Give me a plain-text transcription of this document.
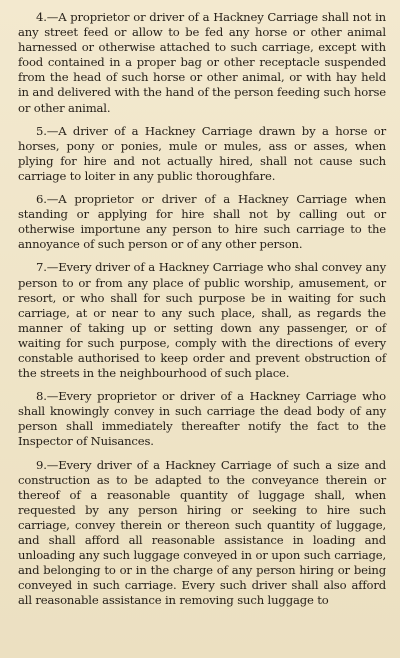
4.—A proprietor or driver of a Hackney Carriage shall not in any street feed or allow to be fed any horse or other animal harnessed or otherwise attached to such carriage, except with food contained in a proper bag or other receptacle suspended from the head of such horse or other animal, or with hay held in and delivered with the hand of the person feeding such horse or other animal.

5.—A driver of a Hackney Carriage drawn by a horse or horses, pony or ponies, mule or mules, ass or asses, when plying for hire and not actually hired, shall not cause such carriage to loiter in any public thoroughfare.

6.—A proprietor or driver of a Hackney Carriage when standing or applying for hire shall not by calling out or otherwise importune any person to hire such carriage to the annoyance of such person or of any other person.

7.—Every driver of a Hackney Carriage who shal convey any person to or from any place of public worship, amusement, or resort, or who shall for such purpose be in waiting for such carriage, at or near to any such place, shall, as regards the manner of taking up or setting down any passenger, or of waiting for such purpose, comply with the directions of every constable authorised to keep order and prevent obstruction of the streets in the neighbourhood of such place.

8.—Every proprietor or driver of a Hackney Carriage who shall knowingly convey in such carriage the dead body of any person shall immediately thereafter notify the fact to the Inspector of Nuisances.

9.—Every driver of a Hackney Carriage of such a size and construction as to be adapted to the conveyance therein or thereof of a reasonable quantity of luggage shall, when requested by any person hiring or seeking to hire such carriage, convey therein or thereon such quantity of luggage, and shall afford all reasonable assistance in loading and unloading any such luggage conveyed in or upon such carriage, and belonging to or in the charge of any person hiring or being conveyed in such carriage. Every such driver shall also afford all reasonable assistance in removing such luggage to
